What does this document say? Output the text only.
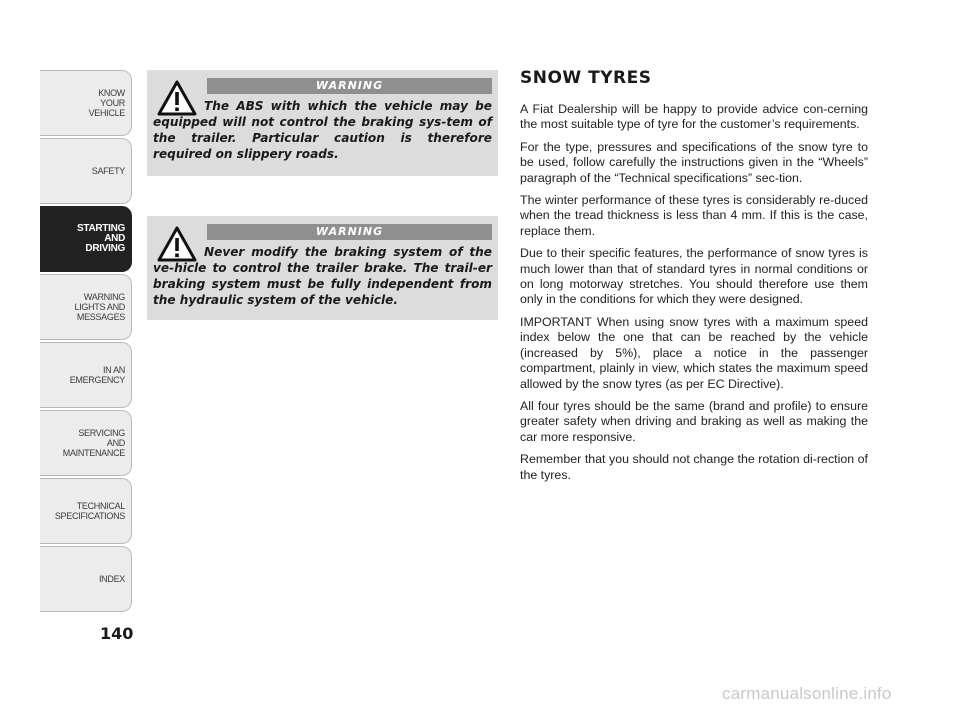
KNOW
YOUR
VEHICLE
SAFETY
STARTING
AND
DRIVING
WARNING
LIGHTS AND
MESSAGES
IN AN
EMERGENCY
SERVICING
AND
MAINTENANCE
TECHNICAL
SPECIFICATIONS
INDEX
140
WARNING
The ABS with which the vehicle may be equipped will not control the braking sys-tem of the trailer. Particular caution is therefore required on slippery roads.
WARNING
Never modify the braking system of the ve-hicle to control the trailer brake. The trail-er braking system must be fully independent from the hydraulic system of the vehicle.
SNOW TYRES

A Fiat Dealership will be happy to provide advice con-cerning the most suitable type of tyre for the customer’s requirements.

For the type, pressures and specifications of the snow tyre to be used, follow carefully the instructions given in the “Wheels” paragraph of the “Technical specifications” sec-tion.

The winter performance of these tyres is considerably re-duced when the tread thickness is less than 4 mm. If this is the case, replace them.

Due to their specific features, the performance of snow tyres is much lower than that of standard tyres in normal conditions or on long motorway stretches. You should therefore use them only in the conditions for which they were designed.

IMPORTANT When using snow tyres with a maximum speed index below the one that can be reached by the vehicle (increased by 5%), place a notice in the passenger compartment, plainly in view, which states the maximum speed allowed by the snow tyres (as per EC Directive).

All four tyres should be the same (brand and profile) to ensure greater safety when driving and braking as well as making the car more responsive.

Remember that you should not change the rotation di-rection of the tyres.

carmanualsonline.info
